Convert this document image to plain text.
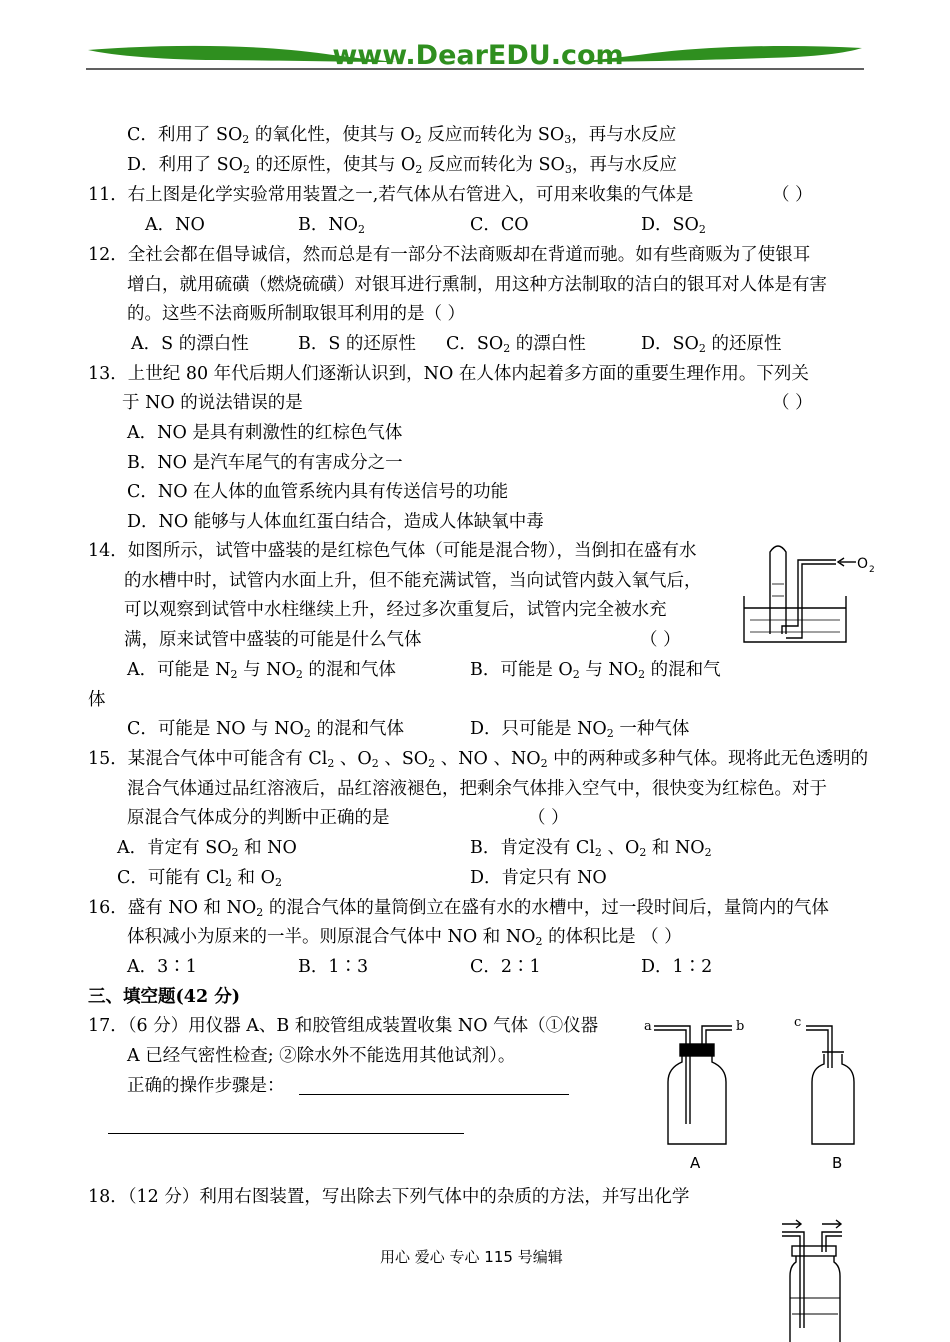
www.DearEDU.com
C．利用了 $SO_2$ 的氧化性，使其与 $O_2$ 反应而转化为 $SO_3$，再与水反应
D．利用了 $SO_2$ 的还原性，使其与 $O_2$ 反应而转化为 $SO_3$，再与水反应
11．右上图是化学实验常用装置之一,若气体从右管进入，可用来收集的气体是	（ ）
A．NO	B．$NO_2$	C．CO	D．$SO_2$
12．全社会都在倡导诚信，然而总是有一部分不法商贩却在背道而驰。如有些商贩为了使银耳
增白，就用硫磺（燃烧硫磺）对银耳进行熏制，用这种方法制取的洁白的银耳对人体是有害
的。这些不法商贩所制取银耳利用的是（ ）
A．S 的漂白性	B．S 的还原性 C．$SO_2$ 的漂白性	D．$SO_2$ 的还原性
13．上世纪 80 年代后期人们逐渐认识到，NO 在人体内起着多方面的重要生理作用。下列关
于 NO 的说法错误的是	（ ）
A．NO 是具有刺激性的红棕色气体
B．NO 是汽车尾气的有害成分之一
C．NO 在人体的血管系统内具有传送信号的功能
D．NO 能够与人体血红蛋白结合，造成人体缺氧中毒
14．如图所示，试管中盛装的是红棕色气体（可能是混合物），当倒扣在盛有水
的水槽中时，试管内水面上升，但不能充满试管，当向试管内鼓入氧气后，
可以观察到试管中水柱继续上升，经过多次重复后，试管内完全被水充
满，原来试管中盛装的可能是什么气体	（ ）
A．可能是 $N_2$ 与 $NO_2$ 的混和气体	B．可能是 $O_2$ 与 $NO_2$ 的混和气
体
C．可能是 NO 与 $NO_2$ 的混和气体	D．只可能是 $NO_2$ 一种气体
O 2
15．某混合气体中可能含有 $Cl_2$ 、$O_2$ 、$SO_2$ 、NO 、$NO_2$ 中的两种或多种气体。现将此无色透明的
混合气体通过品红溶液后，品红溶液褪色，把剩余气体排入空气中，很快变为红棕色。对于
原混合气体成分的判断中正确的是	（ ）
A．肯定有 $SO_2$ 和 NO	B．肯定没有 $Cl_2$ 、$O_2$ 和 $NO_2$
C．可能有 $Cl_2$ 和 $O_2$	D．肯定只有 NO
16．盛有 NO 和 $NO_2$ 的混合气体的量筒倒立在盛有水的水槽中，过一段时间后，量筒内的气体
体积减小为原来的一半。则原混合气体中 NO 和 $NO_2$ 的体积比是 （ ）
A．3∶1	B．1∶3	C．2∶1	D．1∶2
三、填空题(42 分)
17．（6 分）用仪器 A、B 和胶管组成装置收集 NO 气体（①仪器
A 已经气密性检查; ②除水外不能选用其他试剂）。
正确的操作步骤是：
a	b	c
A	B
18．（12 分）利用右图装置，写出除去下列气体中的杂质的方法，并写出化学
用心 爱心 专心 115 号编辑
